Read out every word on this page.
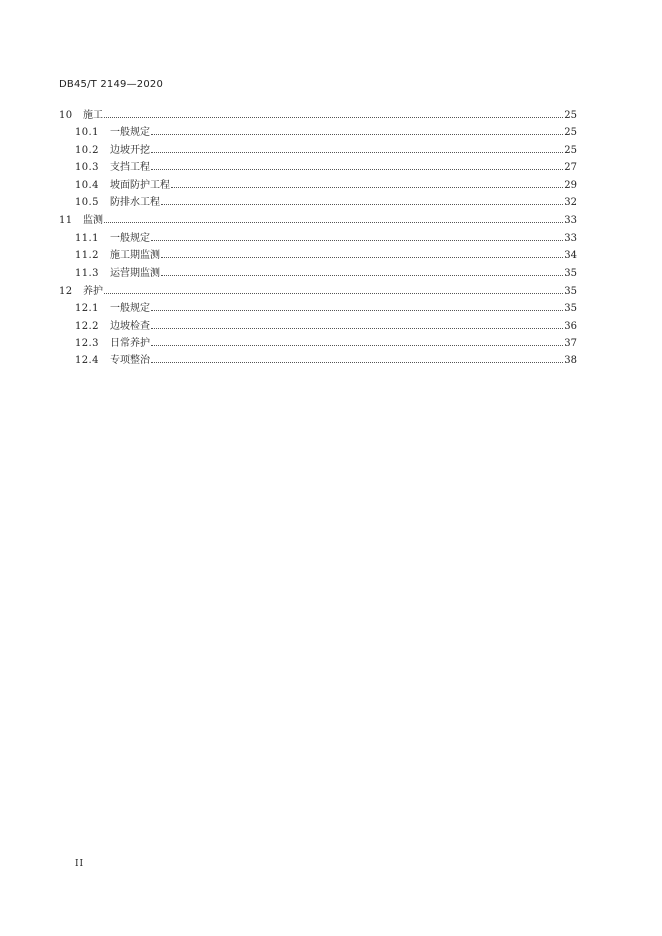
DB45/T 2149—2020
10	施工	25
10.1	一般规定	25
10.2	边坡开挖	25
10.3	支挡工程	27
10.4	坡面防护工程	29
10.5	防排水工程	32
11	监测	33
11.1	一般规定	33
11.2	施工期监测	34
11.3	运营期监测	35
12	养护	35
12.1	一般规定	35
12.2	边坡检查	36
12.3	日常养护	37
12.4	专项整治	38
II
